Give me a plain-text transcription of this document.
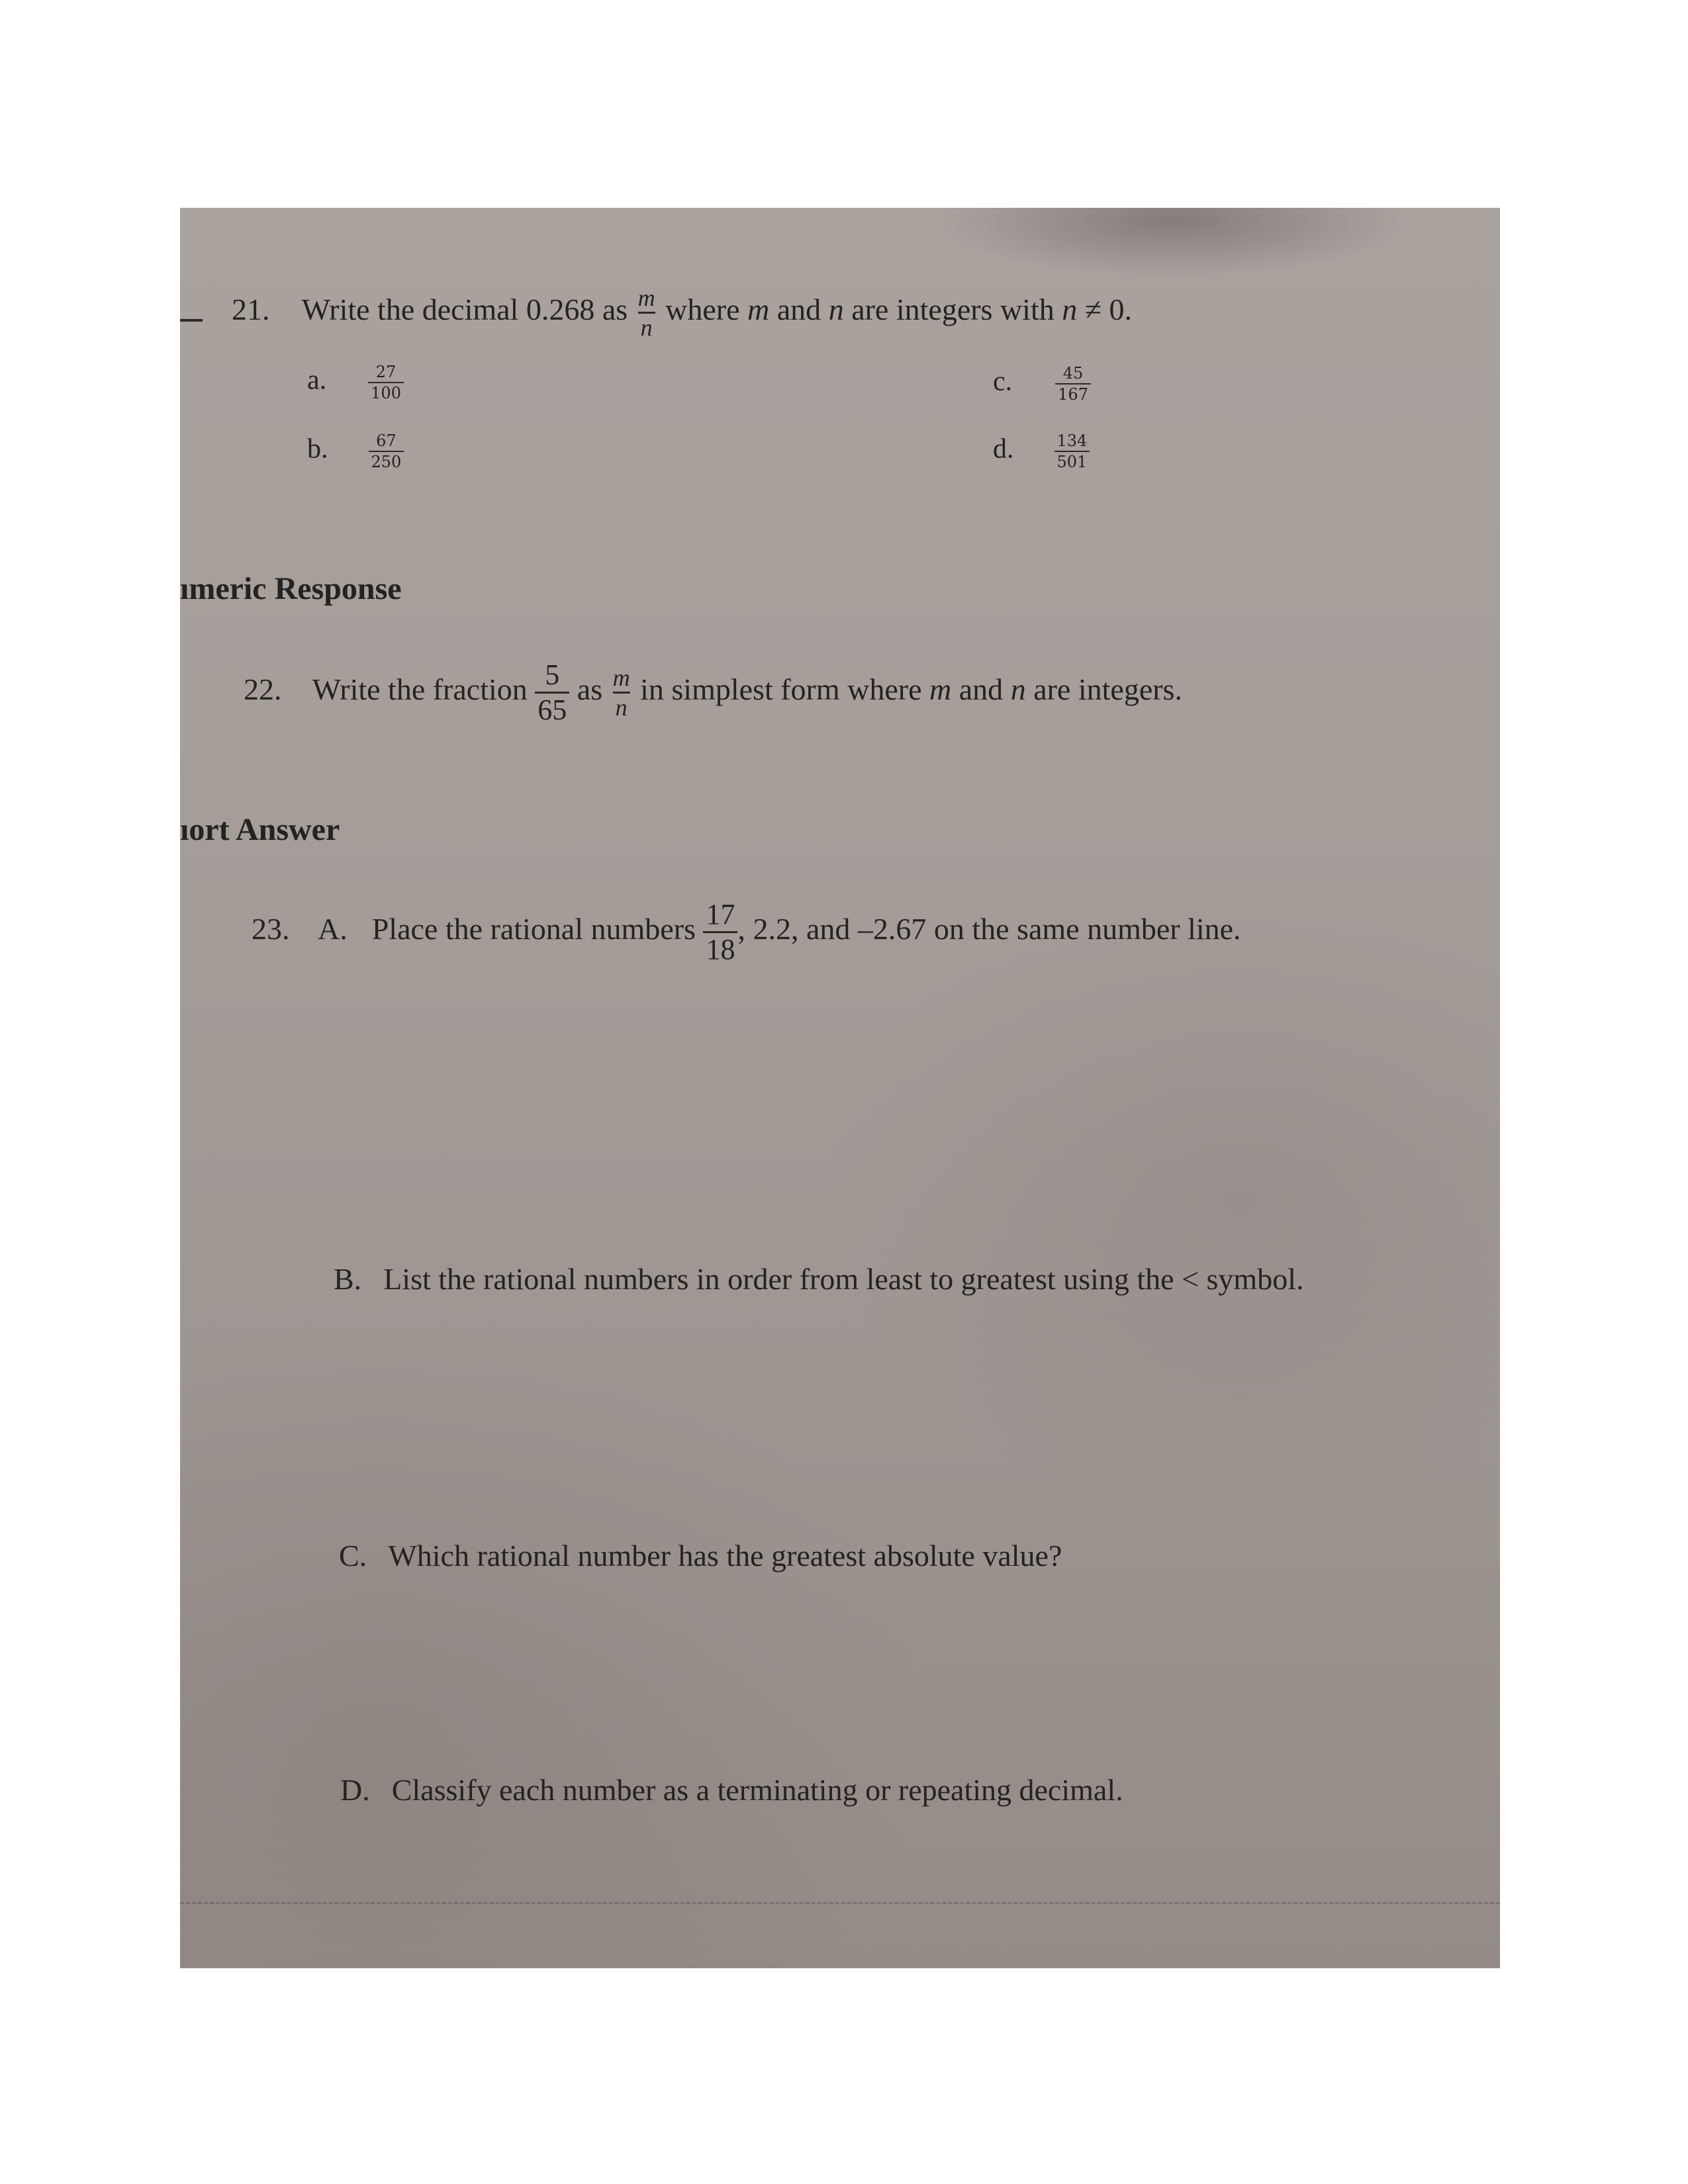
21. Write the decimal 0.268 as $\frac{m}{n}$ where m and n are integers with n ≠ 0.
a.	$\frac{27}{100}$
b.	$\frac{67}{250}$
c.	$\frac{45}{167}$
d.	$\frac{134}{501}$
ımeric Response
22. Write the fraction $\frac{5}{65}$ as $\frac{m}{n}$ in simplest form where m and n are integers.
ıort Answer
23. A. Place the rational numbers $\frac{17}{18}$ , 2.2, and –2.67 on the same number line.
B. List the rational numbers in order from least to greatest using the < symbol.
C. Which rational number has the greatest absolute value?
D. Classify each number as a terminating or repeating decimal.
